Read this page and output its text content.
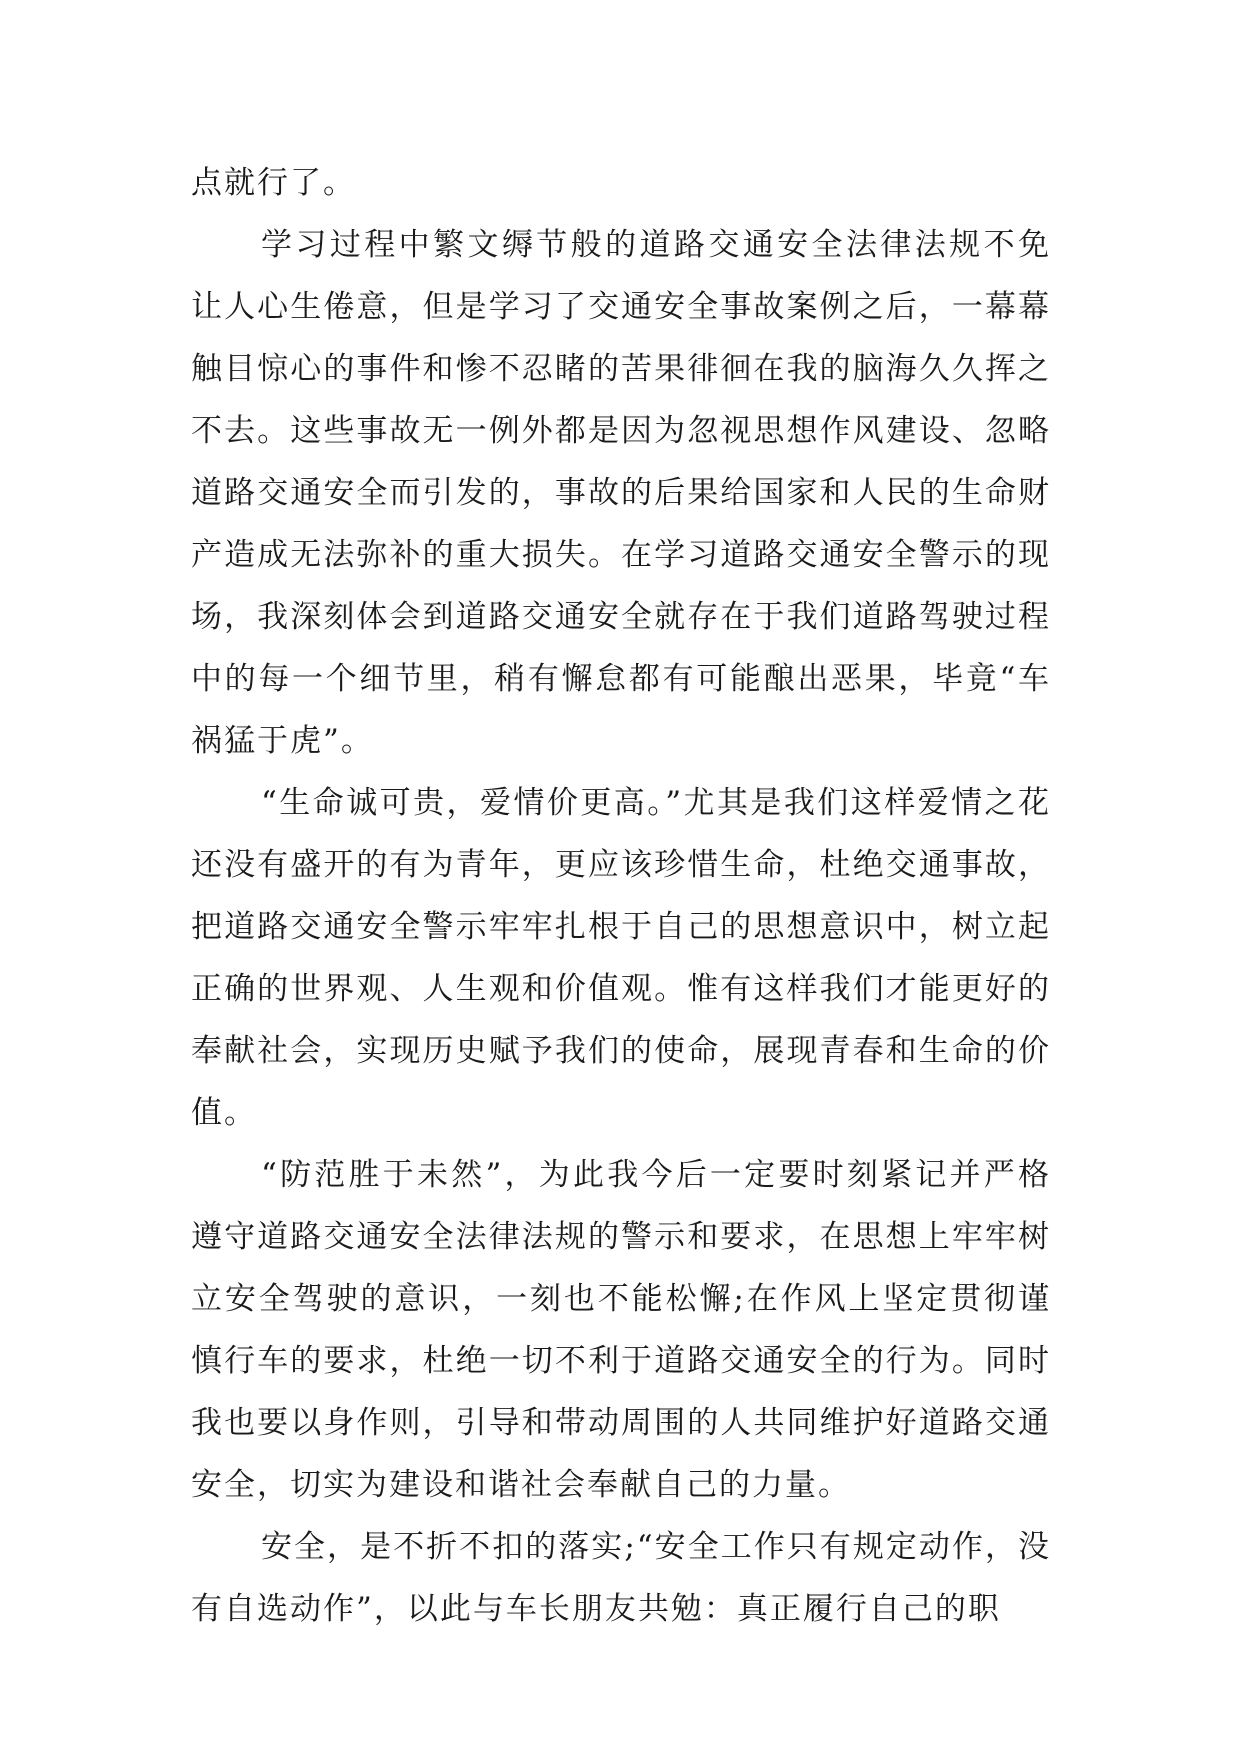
点就行了。

学习过程中繁文缛节般的道路交通安全法律法规不免让人心生倦意，但是学习了交通安全事故案例之后，一幕幕触目惊心的事件和惨不忍睹的苦果徘徊在我的脑海久久挥之不去。这些事故无一例外都是因为忽视思想作风建设、忽略道路交通安全而引发的，事故的后果给国家和人民的生命财产造成无法弥补的重大损失。在学习道路交通安全警示的现场，我深刻体会到道路交通安全就存在于我们道路驾驶过程中的每一个细节里，稍有懈怠都有可能酿出恶果，毕竟“车祸猛于虎”。

“生命诚可贵，爱情价更高。”尤其是我们这样爱情之花还没有盛开的有为青年，更应该珍惜生命，杜绝交通事故，把道路交通安全警示牢牢扎根于自己的思想意识中，树立起正确的世界观、人生观和价值观。惟有这样我们才能更好的奉献社会，实现历史赋予我们的使命，展现青春和生命的价值。

“防范胜于未然”，为此我今后一定要时刻紧记并严格遵守道路交通安全法律法规的警示和要求，在思想上牢牢树立安全驾驶的意识，一刻也不能松懈;在作风上坚定贯彻谨慎行车的要求，杜绝一切不利于道路交通安全的行为。同时我也要以身作则，引导和带动周围的人共同维护好道路交通安全，切实为建设和谐社会奉献自己的力量。

安全，是不折不扣的落实;“安全工作只有规定动作，没有自选动作”，以此与车长朋友共勉：真正履行自己的职
